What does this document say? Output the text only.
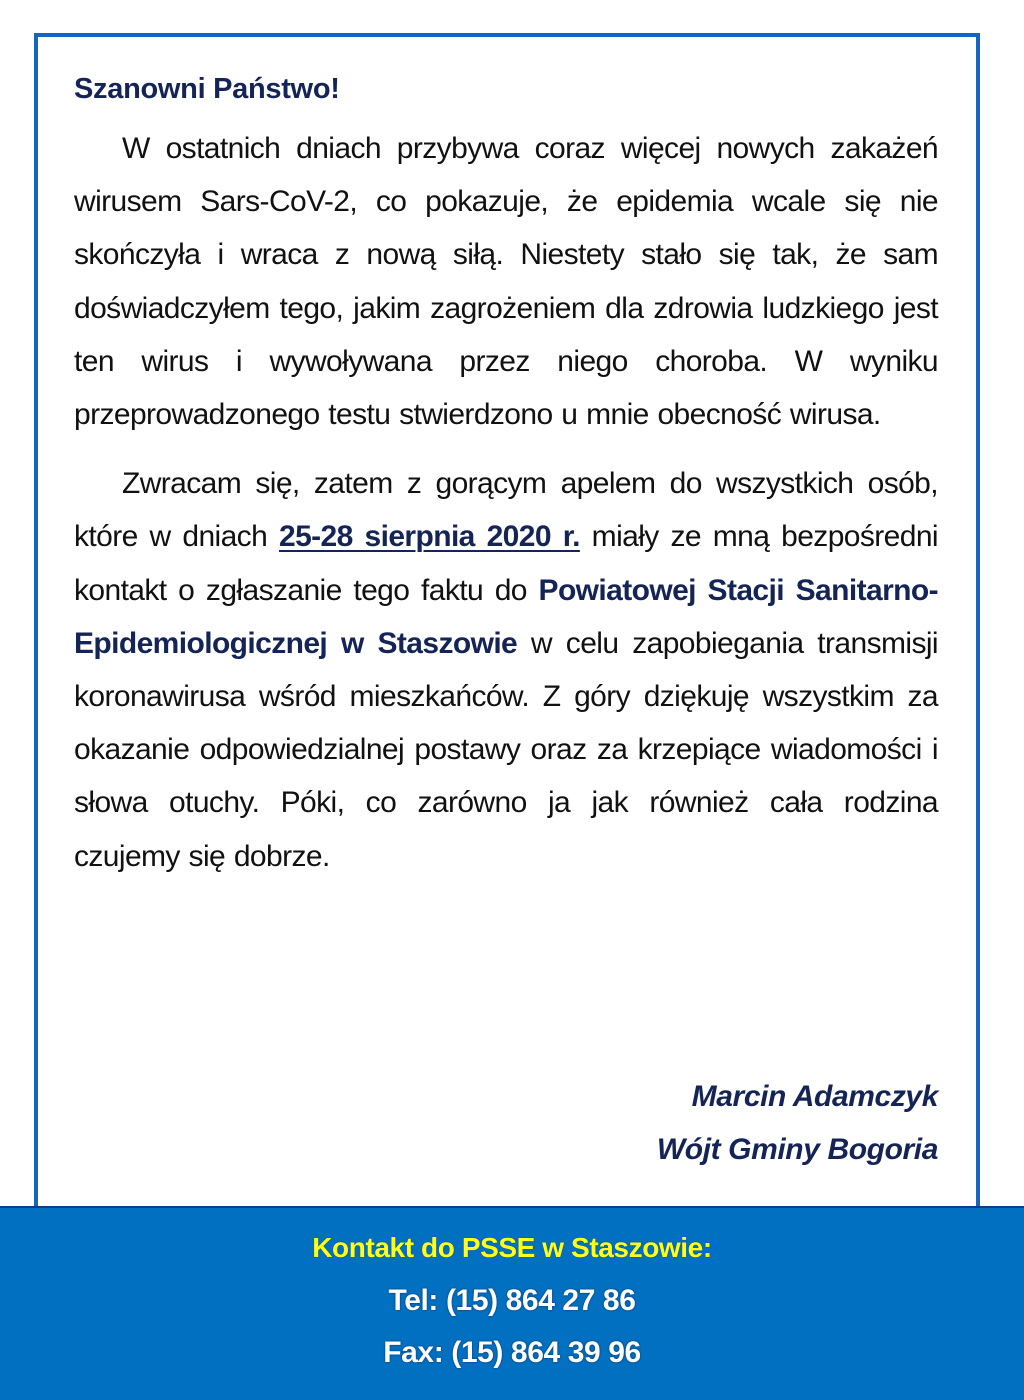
Szanowni Państwo!

W ostatnich dniach przybywa coraz więcej nowych zakażeń wirusem Sars-CoV-2, co pokazuje, że epidemia wcale się nie skończyła i wraca z nową siłą. Niestety stało się tak, że sam doświadczyłem tego, jakim zagrożeniem dla zdrowia ludzkiego jest ten wirus i wywoływana przez niego choroba. W wyniku przeprowadzonego testu stwierdzono u mnie obecność wirusa.

Zwracam się, zatem z gorącym apelem do wszystkich osób, które w dniach 25-28 sierpnia 2020 r. miały ze mną bezpośredni kontakt o zgłaszanie tego faktu do Powiatowej Stacji Sanitarno-Epidemiologicznej w Staszowie w celu zapobiegania transmisji koronawirusa wśród mieszkańców. Z góry dziękuję wszystkim za okazanie odpowiedzialnej postawy oraz za krzepiące wiadomości i słowa otuchy. Póki, co zarówno ja jak również cała rodzina czujemy się dobrze.

Marcin Adamczyk
Wójt Gminy Bogoria
Kontakt do PSSE w Staszowie:
Tel: (15) 864 27 86
Fax: (15) 864 39 96
